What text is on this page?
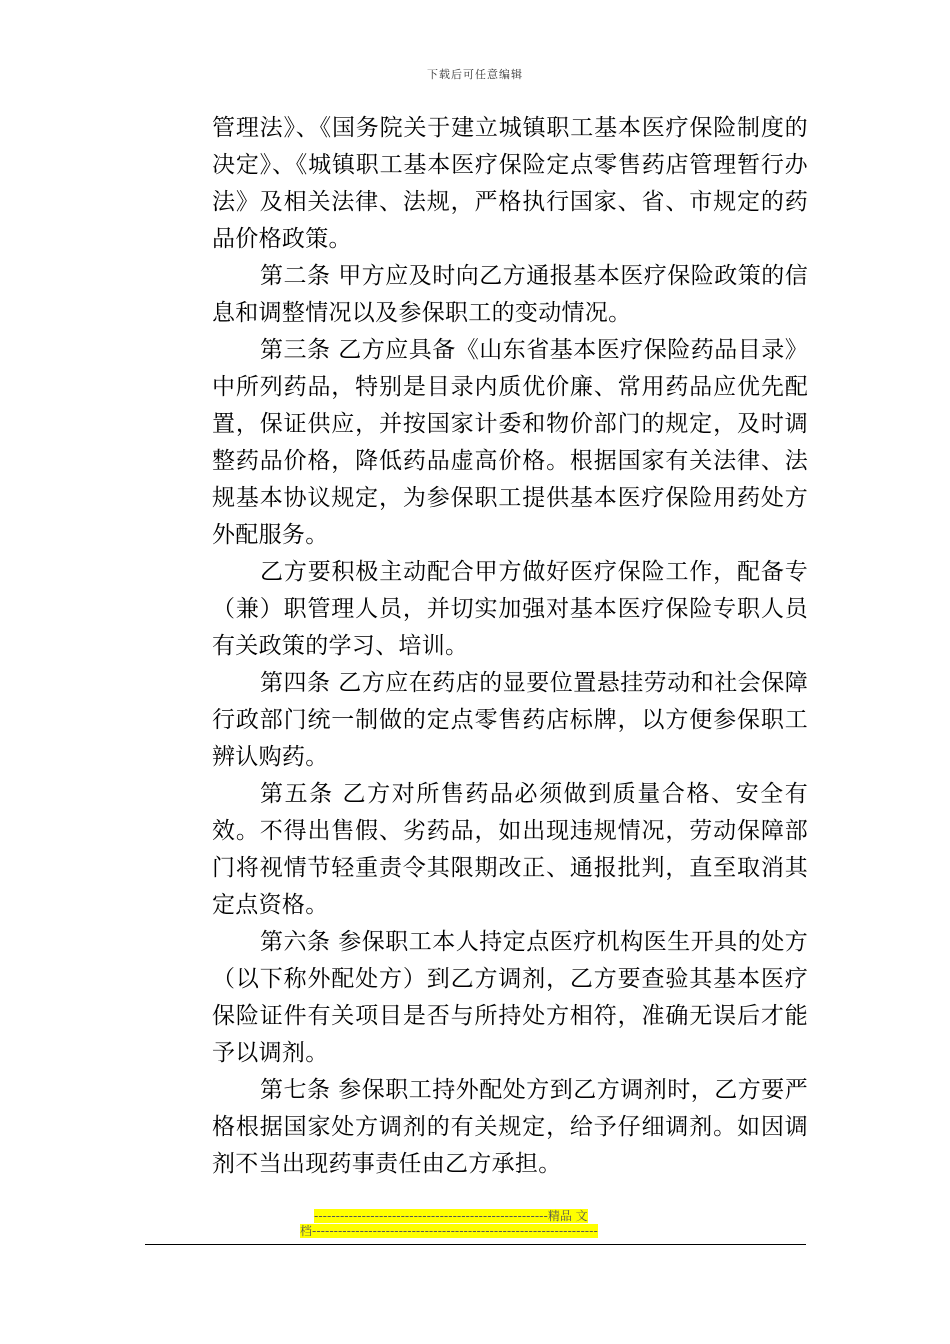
下载后可任意编辑

管理法》、《国务院关于建立城镇职工基本医疗保险制度的决定》、《城镇职工基本医疗保险定点零售药店管理暂行办法》及相关法律、法规，严格执行国家、省、市规定的药品价格政策。

第二条 甲方应及时向乙方通报基本医疗保险政策的信息和调整情况以及参保职工的变动情况。

第三条 乙方应具备《山东省基本医疗保险药品目录》中所列药品，特别是目录内质优价廉、常用药品应优先配置，保证供应，并按国家计委和物价部门的规定，及时调整药品价格，降低药品虚高价格。根据国家有关法律、法规基本协议规定，为参保职工提供基本医疗保险用药处方外配服务。

乙方要积极主动配合甲方做好医疗保险工作，配备专（兼）职管理人员，并切实加强对基本医疗保险专职人员有关政策的学习、培训。

第四条 乙方应在药店的显要位置悬挂劳动和社会保障行政部门统一制做的定点零售药店标牌，以方便参保职工辨认购药。

第五条 乙方对所售药品必须做到质量合格、安全有效。不得出售假、劣药品，如出现违规情况，劳动保障部门将视情节轻重责令其限期改正、通报批判，直至取消其定点资格。

第六条 参保职工本人持定点医疗机构医生开具的处方（以下称外配处方）到乙方调剂，乙方要查验其基本医疗保险证件有关项目是否与所持处方相符，准确无误后才能予以调剂。

第七条 参保职工持外配处方到乙方调剂时，乙方要严格根据国家处方调剂的有关规定，给予仔细调剂。如因调剂不当出现药事责任由乙方承担。

------------------------------------------------------精品 文
档------------------------------------------------------------------
